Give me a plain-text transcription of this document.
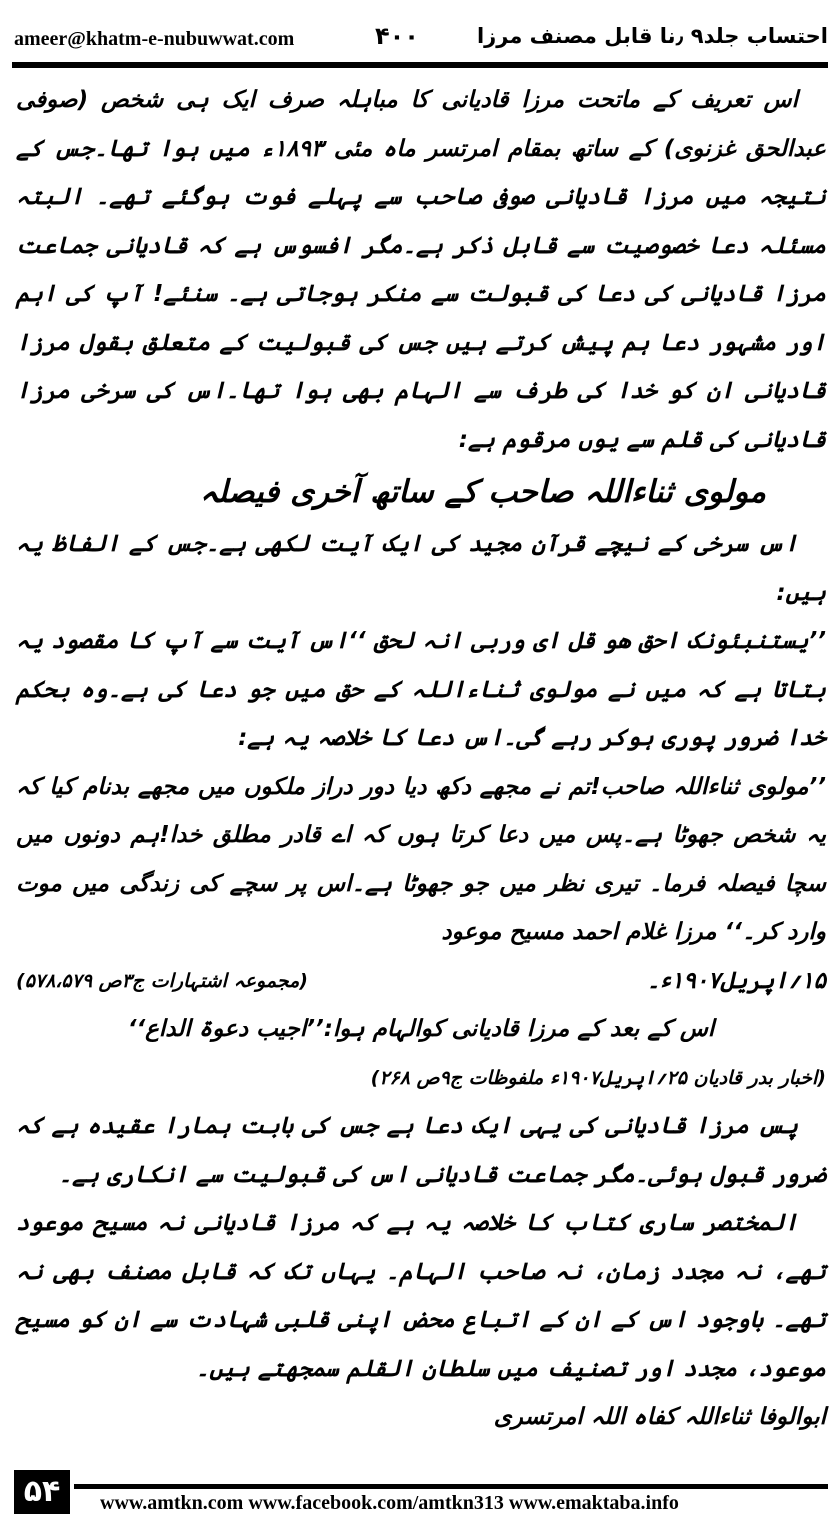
ameer@khatm-e-nubuwwat.com	۴۰۰	احتساب جلد۹ ٫نا قابل مصنف مرزا

اس تعریف کے ماتحت مرزا قادیانی کا مباہلہ صرف ایک ہی شخص (صوفی عبدالحق غزنوی) کے ساتھ بمقام امرتسر ماہ مئی ۱۸۹۳ء میں ہوا تھا۔جس کے نتیجہ میں مرزا قادیانی صوفی صاحب سے پہلے فوت ہوگئے تھے۔ البتہ مسئلہ دعا خصوصیت سے قابل ذکر ہے۔مگر افسوس ہے کہ قادیانی جماعت مرزا قادیانی کی دعا کی قبولت سے منکر ہوجاتی ہے۔ سنئے! آپ کی اہم اور مشہور دعا ہم پیش کرتے ہیں جس کی قبولیت کے متعلق بقول مرزا قادیانی ان کو خدا کی طرف سے الہام بھی ہوا تھا۔اس کی سرخی مرزا قادیانی کی قلم سے یوں مرقوم ہے:

مولوی ثناءاللہ صاحب کے ساتھ آخری فیصلہ

اس سرخی کے نیچے قرآن مجید کی ایک آیت لکھی ہے۔جس کے الفاظ یہ ہیں:

’’یستنبئونک احق ھو قل ای وربی انہ لحق ‘‘اس آیت سے آپ کا مقصود یہ بتاتا ہے کہ میں نے مولوی ثناءاللہ کے حق میں جو دعا کی ہے۔وہ بحکم خدا ضرور پوری ہوکر رہے گی۔اس دعا کا خلاصہ یہ ہے:

’’مولوی ثناءاللہ صاحب!تم نے مجھے دکھ دیا دور دراز ملکوں میں مجھے بدنام کیا کہ یہ شخص جھوٹا ہے۔پس میں دعا کرتا ہوں کہ اے قادر مطلق خدا!ہم دونوں میں سچا فیصلہ فرما۔ تیری نظر میں جو جھوٹا ہے۔اس پر سچے کی زندگی میں موت وارد کر۔‘‘ مرزا غلام احمد مسیح موعود

۱۵؍اپریل۱۹۰۷ء۔
(مجموعہ اشتہارات ج۳ص ۵۷۸،۵۷۹)

اس کے بعد کے مرزا قادیانی کوالہام ہوا:’’اجیب دعوۃ الداع‘‘

(اخبار بدر قادیان ۲۵؍اپریل۱۹۰۷ء ملفوظات ج۹ص ۲۶۸)

پس مرزا قادیانی کی یہی ایک دعا ہے جس کی بابت ہمارا عقیدہ ہے کہ ضرور قبول ہوئی۔مگر جماعت قادیانی اس کی قبولیت سے انکاری ہے۔

المختصر ساری کتاب کا خلاصہ یہ ہے کہ مرزا قادیانی نہ مسیح موعود تھے، نہ مجدد زمان، نہ صاحب الہام۔ یہاں تک کہ قابل مصنف بھی نہ تھے۔ باوجود اس کے ان کے اتباع محض اپنی قلبی شہادت سے ان کو مسیح موعود، مجدد اور تصنیف میں سلطان القلم سمجھتے ہیں۔

ابوالوفا ثناءاللہ کفاہ اللہ امرتسری

۵۴	www.amtkn.com www.facebook.com/amtkn313 www.emaktaba.info
